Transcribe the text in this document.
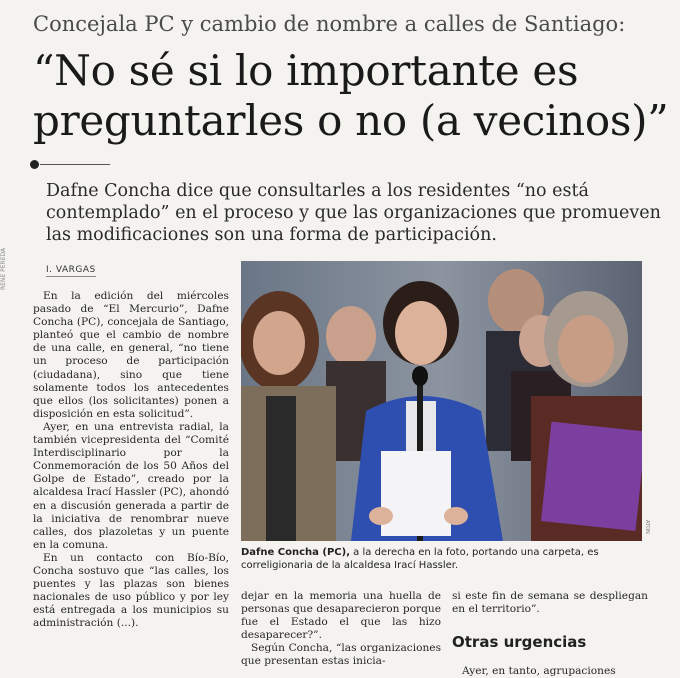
Concejala PC y cambio de nombre a calles de Santiago:
“No sé si lo importante es preguntarles o no (a vecinos)”
Dafne Concha dice que consultarles a los residentes “no está contemplado” en el proceso y que las organizaciones que promueven las modificaciones son una forma de participación.
RENÉ PEREDA	I. VARGAS

En la edición del miércoles pasado de “El Mercurio”, Dafne Concha (PC), concejala de Santiago, planteó que el cambio de nombre de una calle, en general, “no tiene un proceso de participación (ciudadana), sino que tiene solamente todos los antecedentes que ellos (los solicitantes) ponen a disposición en esta solicitud”.

Ayer, en una entrevista radial, la también vicepresidenta del “Comité Interdisciplinario por la Conmemoración de los 50 Años del Golpe de Estado”, creado por la alcaldesa Irací Hassler (PC), ahondó en a discusión generada a partir de la iniciativa de renombrar nueve calles, dos plazoletas y un puente en la comuna.

En un contacto con Bío-Bío, Concha sostuvo que “las calles, los puentes y las plazas son bienes nacionales de uso público y por ley está entregada a los municipios su administración (...).

ATON
Dafne Concha (PC), a la derecha en la foto, portando una carpeta, es correligionaria de la alcaldesa Irací Hassler.

dejar en la memoria una huella de personas que desaparecieron porque fue el Estado el que las hizo desaparecer?”.

Según Concha, “las organizaciones que presentan estas inicia-

si este fin de semana se despliegan en el territorio”.

Otras urgencias

Ayer, en tanto, agrupaciones
